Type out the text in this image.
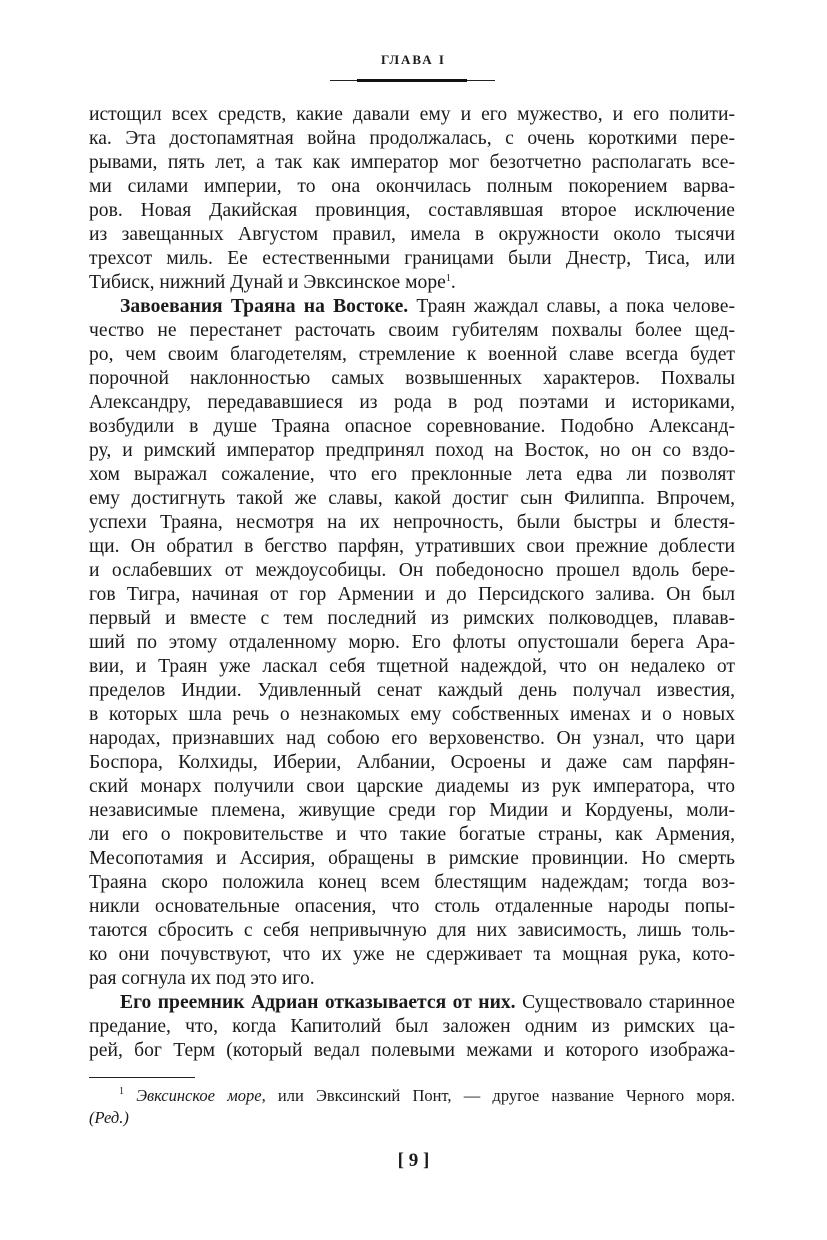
ГЛАВА I
истощил всех средств, какие давали ему и его мужество, и его полити-
ка. Эта достопамятная война продолжалась, с очень короткими пере-
рывами, пять лет, а так как император мог безотчетно располагать все-
ми силами империи, то она окончилась полным покорением варва-
ров. Новая Дакийская провинция, составлявшая второе исключение
из завещанных Августом правил, имела в окружности около тысячи
трехсот миль. Ее естественными границами были Днестр, Тиса, или
Тибиск, нижний Дунай и Эвксинское море$^1$.
Завоевания Траяна на Востоке. Траян жаждал славы, а пока челове-
чество не перестанет расточать своим губителям похвалы более щед-
ро, чем своим благодетелям, стремление к военной славе всегда будет
порочной наклонностью самых возвышенных характеров. Похвалы
Александру, передававшиеся из рода в род поэтами и историками,
возбудили в душе Траяна опасное соревнование. Подобно Александ-
ру, и римский император предпринял поход на Восток, но он со вздо-
хом выражал сожаление, что его преклонные лета едва ли позволят
ему достигнуть такой же славы, какой достиг сын Филиппа. Впрочем,
успехи Траяна, несмотря на их непрочность, были быстры и блестя-
щи. Он обратил в бегство парфян, утративших свои прежние доблести
и ослабевших от междоусобицы. Он победоносно прошел вдоль бере-
гов Тигра, начиная от гор Армении и до Персидского залива. Он был
первый и вместе с тем последний из римских полководцев, плавав-
ший по этому отдаленному морю. Его флоты опустошали берега Ара-
вии, и Траян уже ласкал себя тщетной надеждой, что он недалеко от
пределов Индии. Удивленный сенат каждый день получал известия,
в которых шла речь о незнакомых ему собственных именах и о новых
народах, признавших над собою его верховенство. Он узнал, что цари
Боспора, Колхиды, Иберии, Албании, Осроены и даже сам парфян-
ский монарх получили свои царские диадемы из рук императора, что
независимые племена, живущие среди гор Мидии и Кордуены, моли-
ли его о покровительстве и что такие богатые страны, как Армения,
Месопотамия и Ассирия, обращены в римские провинции. Но смерть
Траяна скоро положила конец всем блестящим надеждам; тогда воз-
никли основательные опасения, что столь отдаленные народы попы-
таются сбросить с себя непривычную для них зависимость, лишь толь-
ко они почувствуют, что их уже не сдерживает та мощная рука, кото-
рая согнула их под это иго.
Его преемник Адриан отказывается от них. Существовало старинное
предание, что, когда Капитолий был заложен одним из римских ца-
рей, бог Терм (который ведал полевыми межами и которого изобража-
$^1$ Эвксинское море, или Эвксинский Понт, — другое название Черного моря.
(Ред.)
[ 9 ]
